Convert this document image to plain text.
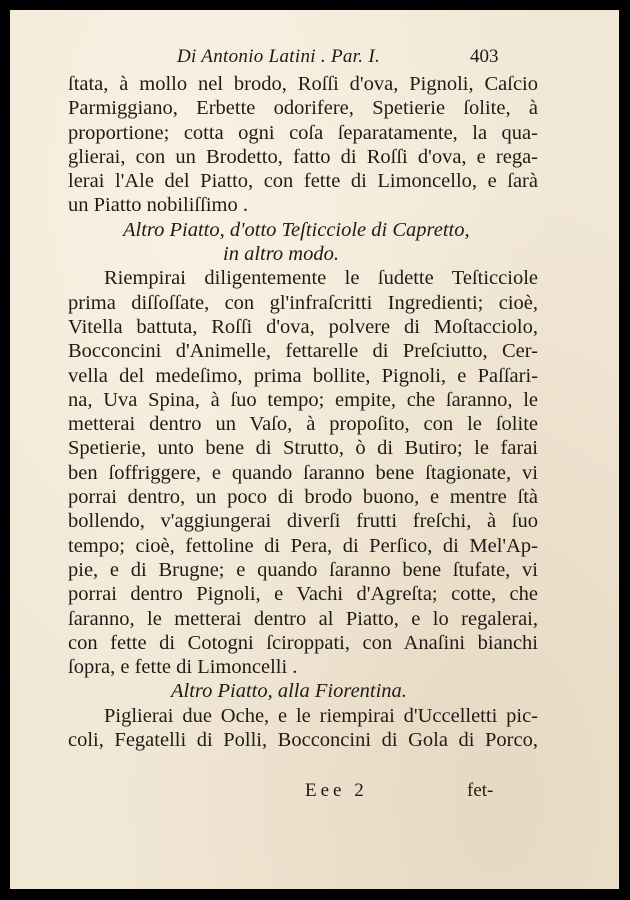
Di Antonio Latini . Par. I.	403
ſtata, à mollo nel brodo, Roſſi d'ova, Pignoli, Caſcio
Parmiggiano, Erbette odorifere, Spetierie ſolite, à
proportione; cotta ogni coſa ſeparatamente, la qua-
glierai, con un Brodetto, fatto di Roſſi d'ova, e rega-
lerai l'Ale del Piatto, con fette di Limoncello, e ſarà
un Piatto nobiliſſimo .
Altro Piatto, d'otto Teſticciole di Capretto,
in altro modo.
Riempirai diligentemente le ſudette Teſticciole
prima diſſoſſate, con gl'infraſcritti Ingredienti; cioè,
Vitella battuta, Roſſi d'ova, polvere di Moſtacciolo,
Bocconcini d'Animelle, fettarelle di Preſciutto, Cer-
vella del medeſimo, prima bollite, Pignoli, e Paſſari-
na, Uva Spina, à ſuo tempo; empite, che ſaranno, le
metterai dentro un Vaſo, à propoſito, con le ſolite
Spetierie, unto bene di Strutto, ò di Butiro; le farai
ben ſoffriggere, e quando ſaranno bene ſtagionate, vi
porrai dentro, un poco di brodo buono, e mentre ſtà
bollendo, v'aggiungerai diverſi frutti freſchi, à ſuo
tempo; cioè, fettoline di Pera, di Perſico, di Mel'Ap-
pie, e di Brugne; e quando ſaranno bene ſtufate, vi
porrai dentro Pignoli, e Vachi d'Agreſta; cotte, che
ſaranno, le metterai dentro al Piatto, e lo regalerai,
con fette di Cotogni ſciroppati, con Anaſini bianchi
ſopra, e fette di Limoncelli .
Altro Piatto, alla Fiorentina.
Piglierai due Oche, e le riempirai d'Uccelletti pic-
coli, Fegatelli di Polli, Bocconcini di Gola di Porco,
Eee 2	fet-
